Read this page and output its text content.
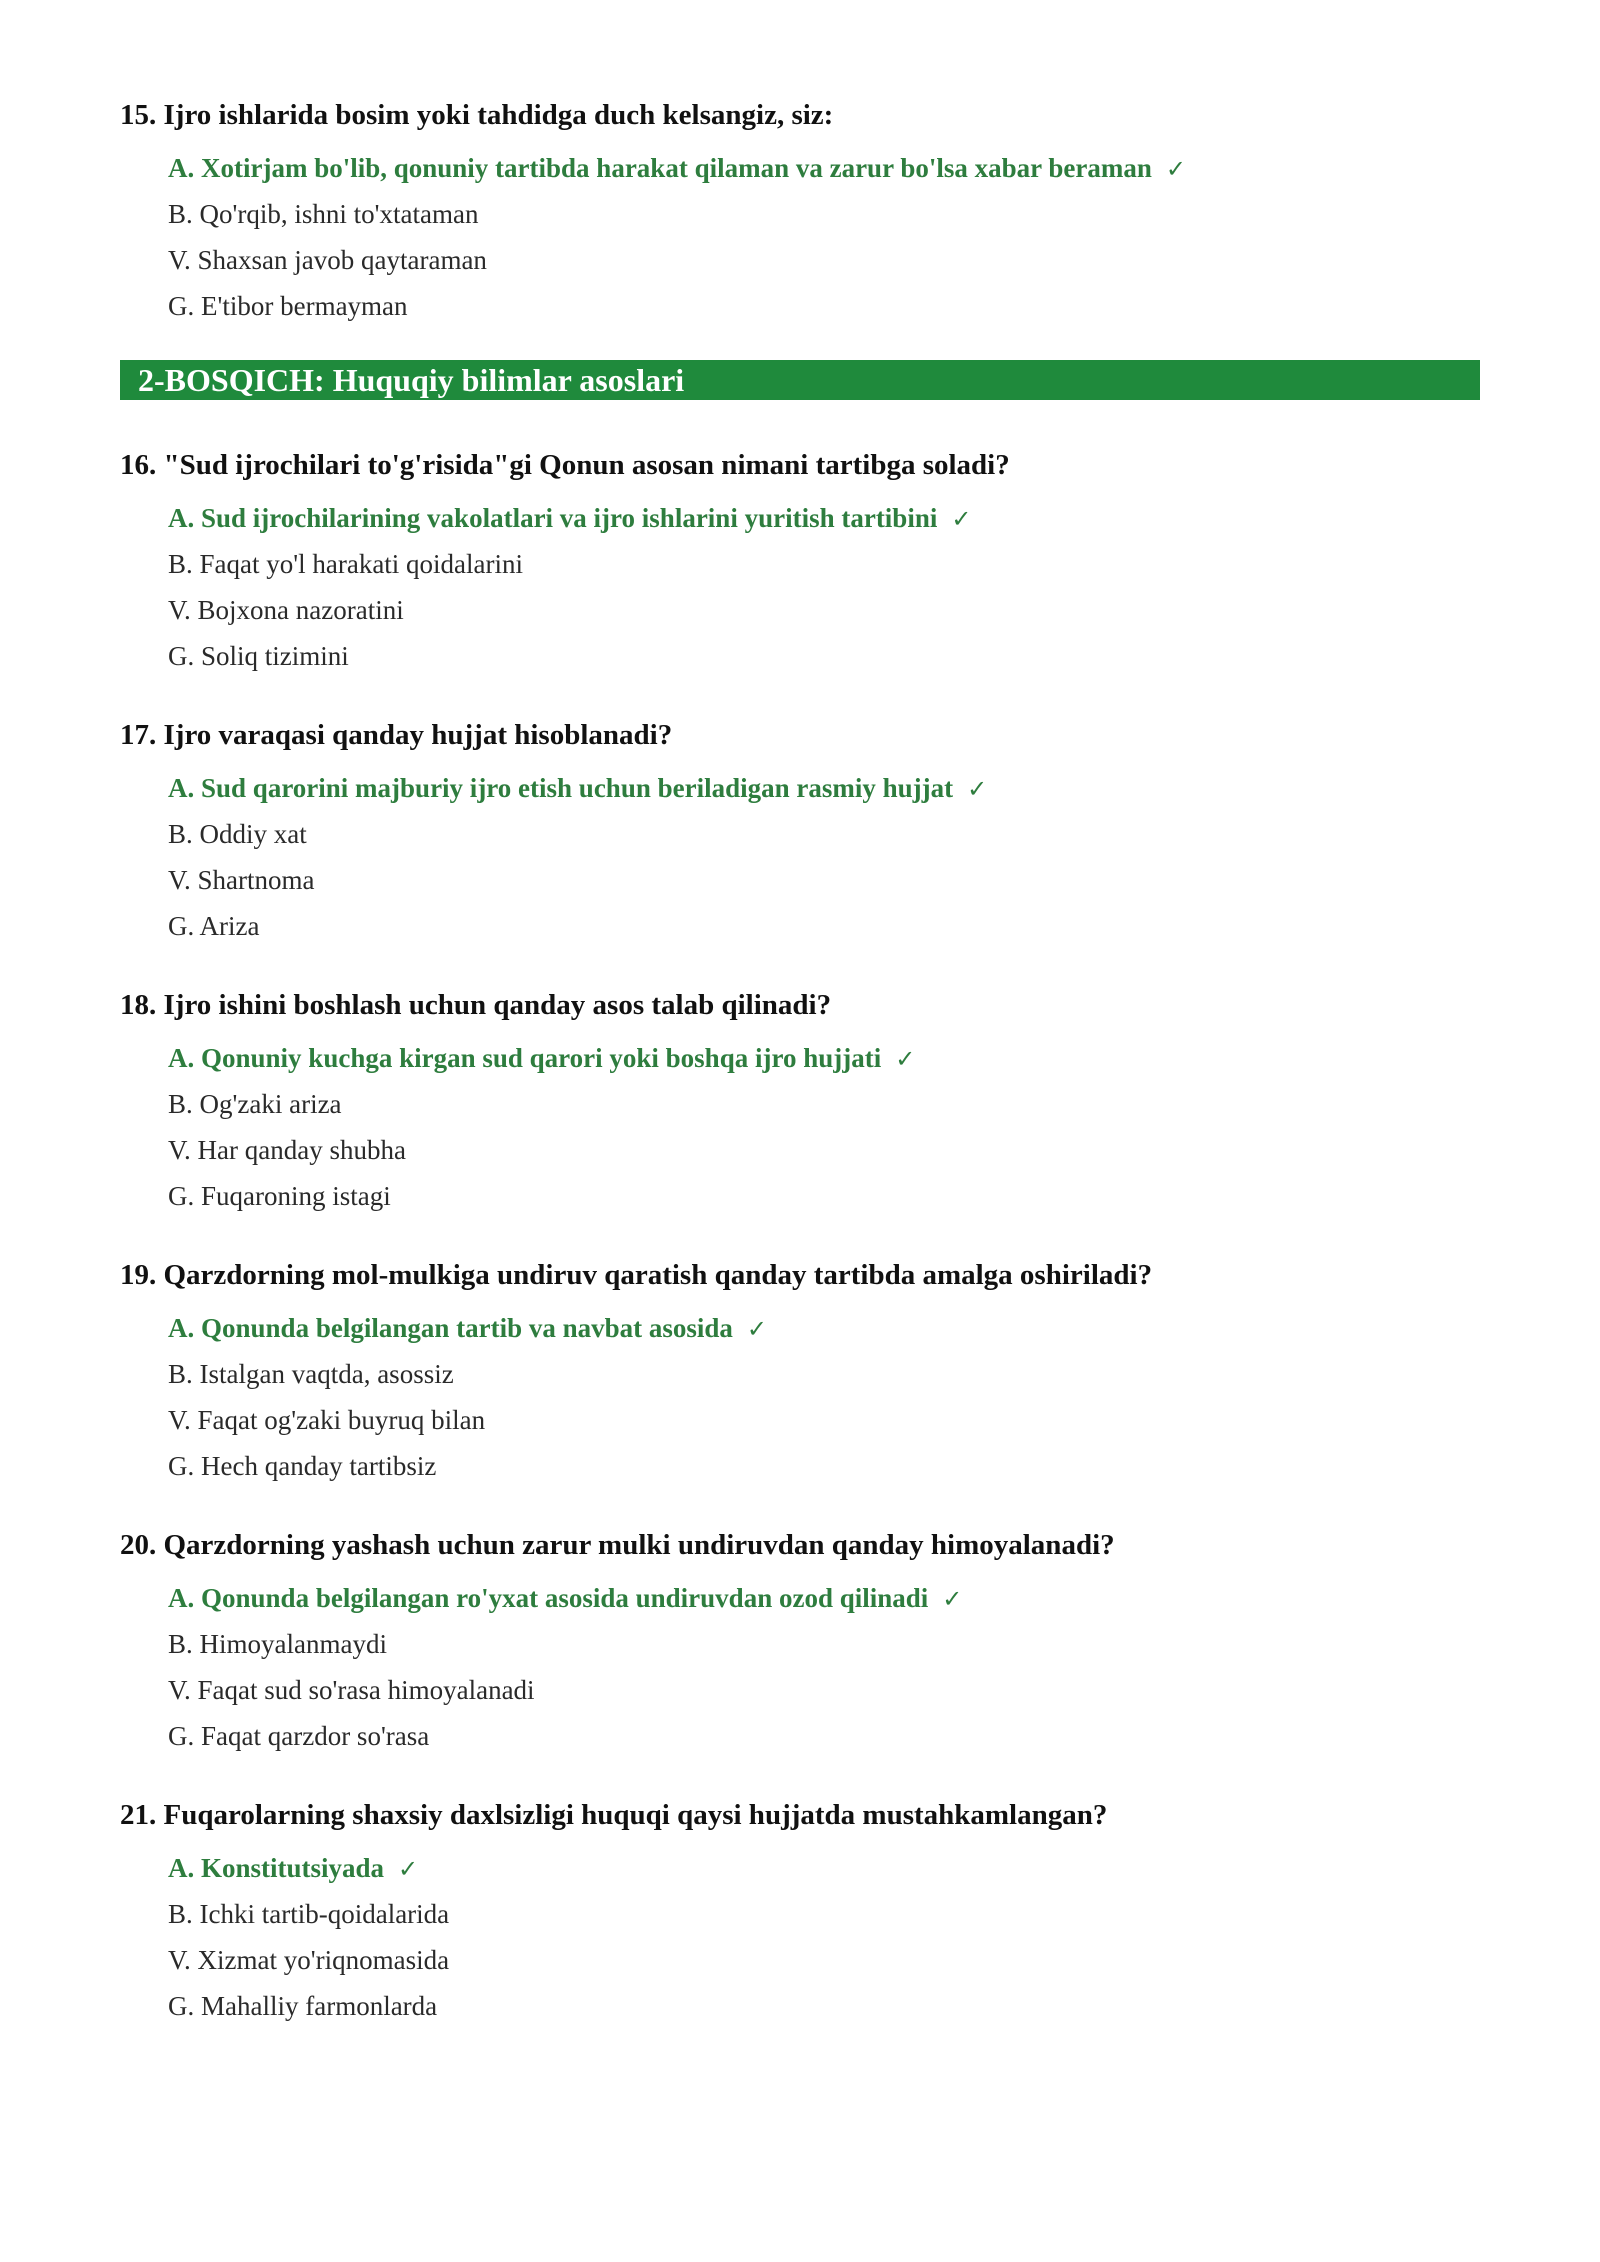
15. Ijro ishlarida bosim yoki tahdidga duch kelsangiz, siz:
A. Xotirjam bo'lib, qonuniy tartibda harakat qilaman va zarur bo'lsa xabar beraman ✓
B. Qo'rqib, ishni to'xtataman
V. Shaxsan javob qaytaraman
G. E'tibor bermayman
2-BOSQICH: Huquqiy bilimlar asoslari
16. "Sud ijrochilari to'g'risida"gi Qonun asosan nimani tartibga soladi?
A. Sud ijrochilarining vakolatlari va ijro ishlarini yuritish tartibini ✓
B. Faqat yo'l harakati qoidalarini
V. Bojxona nazoratini
G. Soliq tizimini
17. Ijro varaqasi qanday hujjat hisoblanadi?
A. Sud qarorini majburiy ijro etish uchun beriladigan rasmiy hujjat ✓
B. Oddiy xat
V. Shartnoma
G. Ariza
18. Ijro ishini boshlash uchun qanday asos talab qilinadi?
A. Qonuniy kuchga kirgan sud qarori yoki boshqa ijro hujjati ✓
B. Og'zaki ariza
V. Har qanday shubha
G. Fuqaroning istagi
19. Qarzdorning mol-mulkiga undiruv qaratish qanday tartibda amalga oshiriladi?
A. Qonunda belgilangan tartib va navbat asosida ✓
B. Istalgan vaqtda, asossiz
V. Faqat og'zaki buyruq bilan
G. Hech qanday tartibsiz
20. Qarzdorning yashash uchun zarur mulki undiruvdan qanday himoyalanadi?
A. Qonunda belgilangan ro'yxat asosida undiruvdan ozod qilinadi ✓
B. Himoyalanmaydi
V. Faqat sud so'rasa himoyalanadi
G. Faqat qarzdor so'rasa
21. Fuqarolarning shaxsiy daxlsizligi huquqi qaysi hujjatda mustahkamlangan?
A. Konstitutsiyada ✓
B. Ichki tartib-qoidalarida
V. Xizmat yo'riqnomasida
G. Mahalliy farmonlarda
